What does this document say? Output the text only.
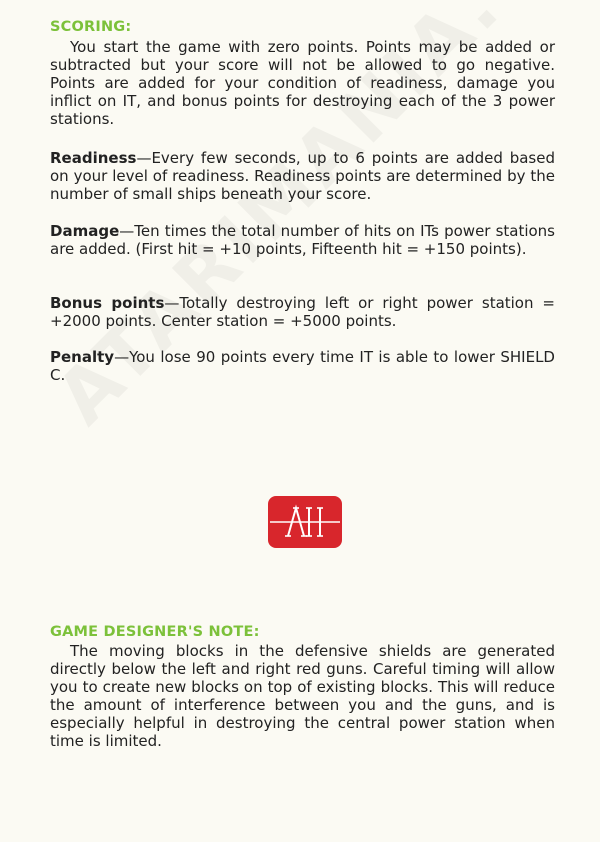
SCORING:

You start the game with zero points. Points may be added or subtracted but your score will not be allowed to go negative. Points are added for your condition of readiness, damage you inflict on IT, and bonus points for destroying each of the 3 power stations.

Readiness—Every few seconds, up to 6 points are added based on your level of readiness. Readiness points are determined by the number of small ships beneath your score.

Damage—Ten times the total number of hits on ITs power stations are added. (First hit = +10 points, Fifteenth hit = +150 points).

Bonus points—Totally destroying left or right power station = +2000 points. Center station = +5000 points.

Penalty—You lose 90 points every time IT is able to lower SHIELD C.

GAME DESIGNER'S NOTE:

The moving blocks in the defensive shields are generated directly below the left and right red guns. Careful timing will allow you to create new blocks on top of existing blocks. This will reduce the amount of interference between you and the guns, and is especially helpful in destroying the central power station when time is limited.
